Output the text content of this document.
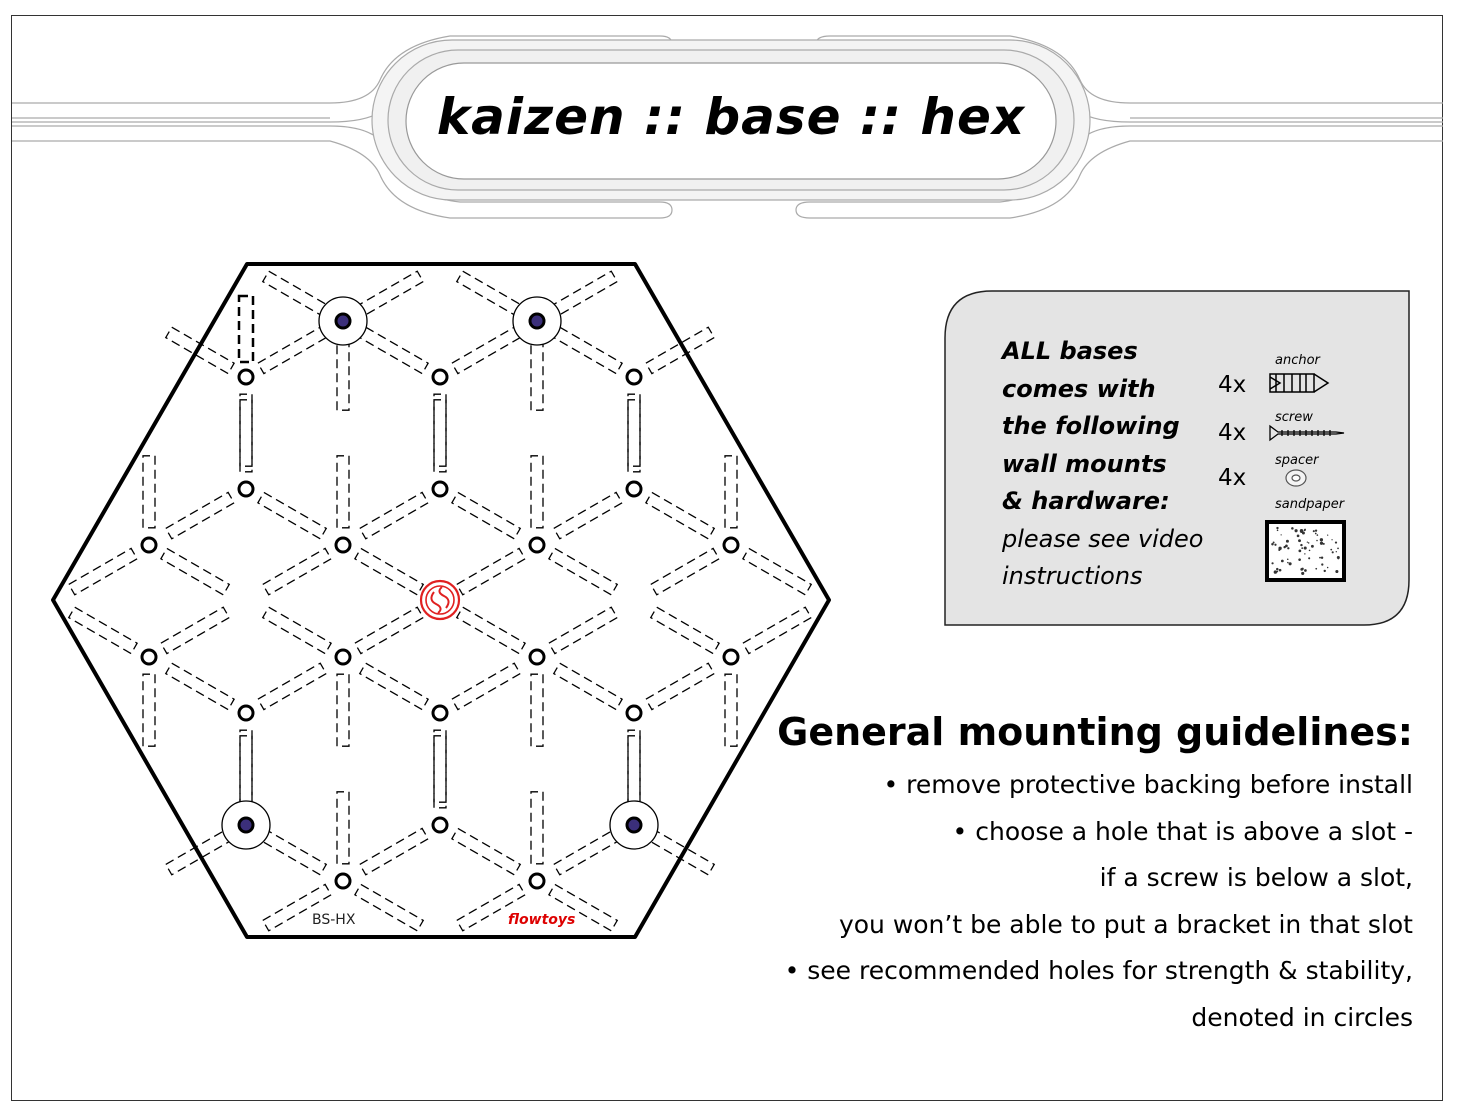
kaizen :: base :: hex
BS-HX	flowtoys
ALL bases
comes with
the following
wall mounts
& hardware:
please see video
instructions
4x
4x
4x
anchor
screw
spacer
sandpaper
General mounting guidelines:
• remove protective backing before install
• choose a hole that is above a slot -
if a screw is below a slot,
you won’t be able to put a bracket in that slot
• see recommended holes for strength & stability,
denoted in circles
